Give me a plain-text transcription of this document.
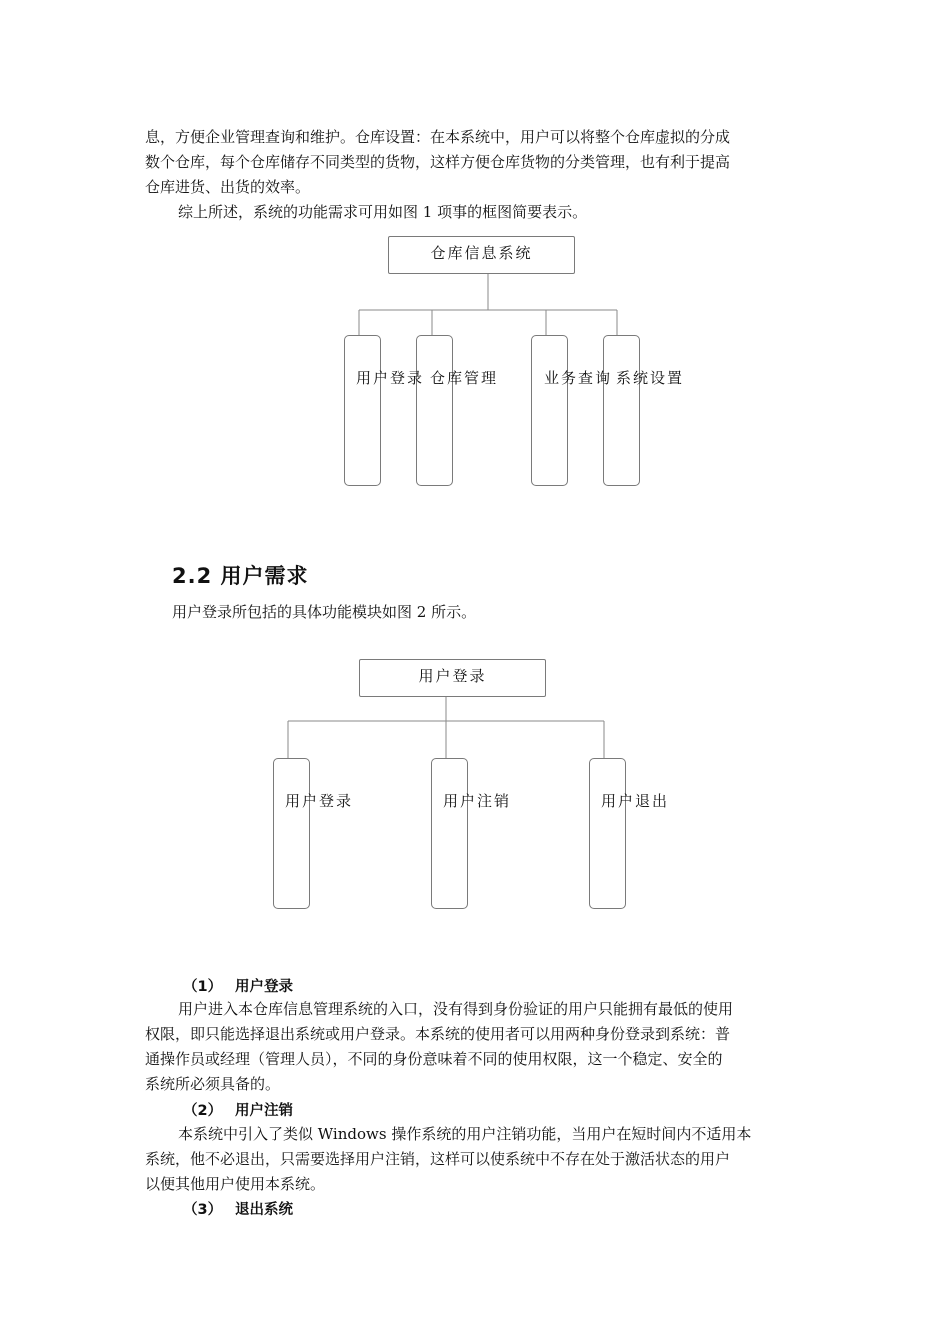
息，方便企业管理查询和维护。仓库设置：在本系统中，用户可以将整个仓库虚拟的分成

数个仓库，每个仓库储存不同类型的货物，这样方便仓库货物的分类管理，也有利于提高

仓库进货、出货的效率。

综上所述，系统的功能需求可用如图 1 项事的框图简要表示。

仓库信息系统
用户登录 仓库管理	业务查询 系统设置
2.2 用户需求

用户登录所包括的具体功能模块如图 2 所示。

用户登录
用户登录	用户注销	用户退出
（1） 用户登录

用户进入本仓库信息管理系统的入口，没有得到身份验证的用户只能拥有最低的使用

权限，即只能选择退出系统或用户登录。本系统的使用者可以用两种身份登录到系统：普

通操作员或经理（管理人员），不同的身份意味着不同的使用权限，这一个稳定、安全的

系统所必须具备的。

（2） 用户注销

本系统中引入了类似 Windows 操作系统的用户注销功能，当用户在短时间内不适用本

系统，他不必退出，只需要选择用户注销，这样可以使系统中不存在处于激活状态的用户

以便其他用户使用本系统。

（3） 退出系统
